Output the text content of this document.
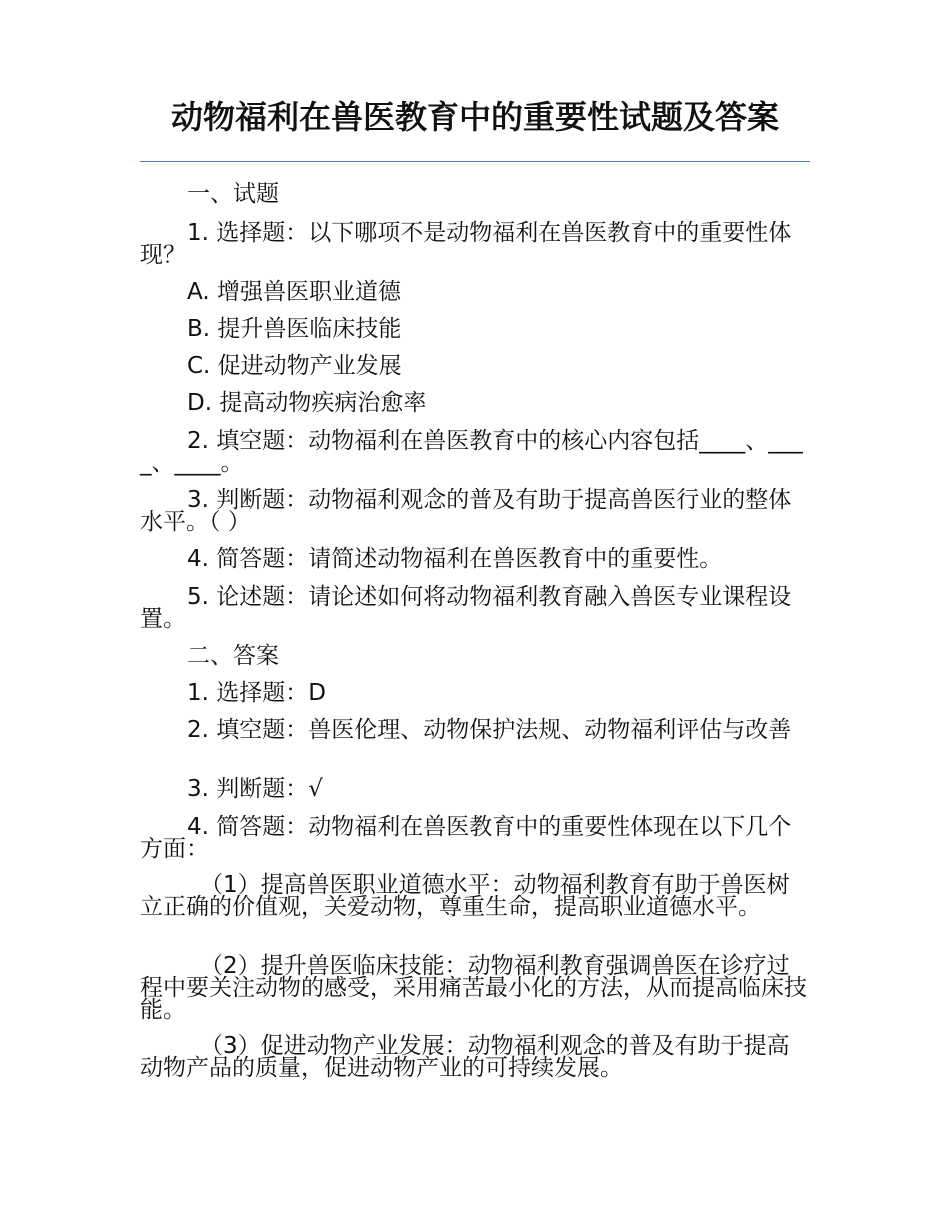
动物福利在兽医教育中的重要性试题及答案
一、试题
1. 选择题：以下哪项不是动物福利在兽医教育中的重要性体现？
A. 增强兽医职业道德
B. 提升兽医临床技能
C. 促进动物产业发展
D. 提高动物疾病治愈率
2. 填空题：动物福利在兽医教育中的核心内容包括____、____、____。
3. 判断题：动物福利观念的普及有助于提高兽医行业的整体水平。（ ）
4. 简答题：请简述动物福利在兽医教育中的重要性。
5. 论述题：请论述如何将动物福利教育融入兽医专业课程设置。
二、答案
1. 选择题：D
2. 填空题：兽医伦理、动物保护法规、动物福利评估与改善
3. 判断题：√
4. 简答题：动物福利在兽医教育中的重要性体现在以下几个方面：
（1）提高兽医职业道德水平：动物福利教育有助于兽医树立正确的价值观，关爱动物，尊重生命，提高职业道德水平。
（2）提升兽医临床技能：动物福利教育强调兽医在诊疗过程中要关注动物的感受，采用痛苦最小化的方法，从而提高临床技能。
（3）促进动物产业发展：动物福利观念的普及有助于提高动物产品的质量，促进动物产业的可持续发展。
